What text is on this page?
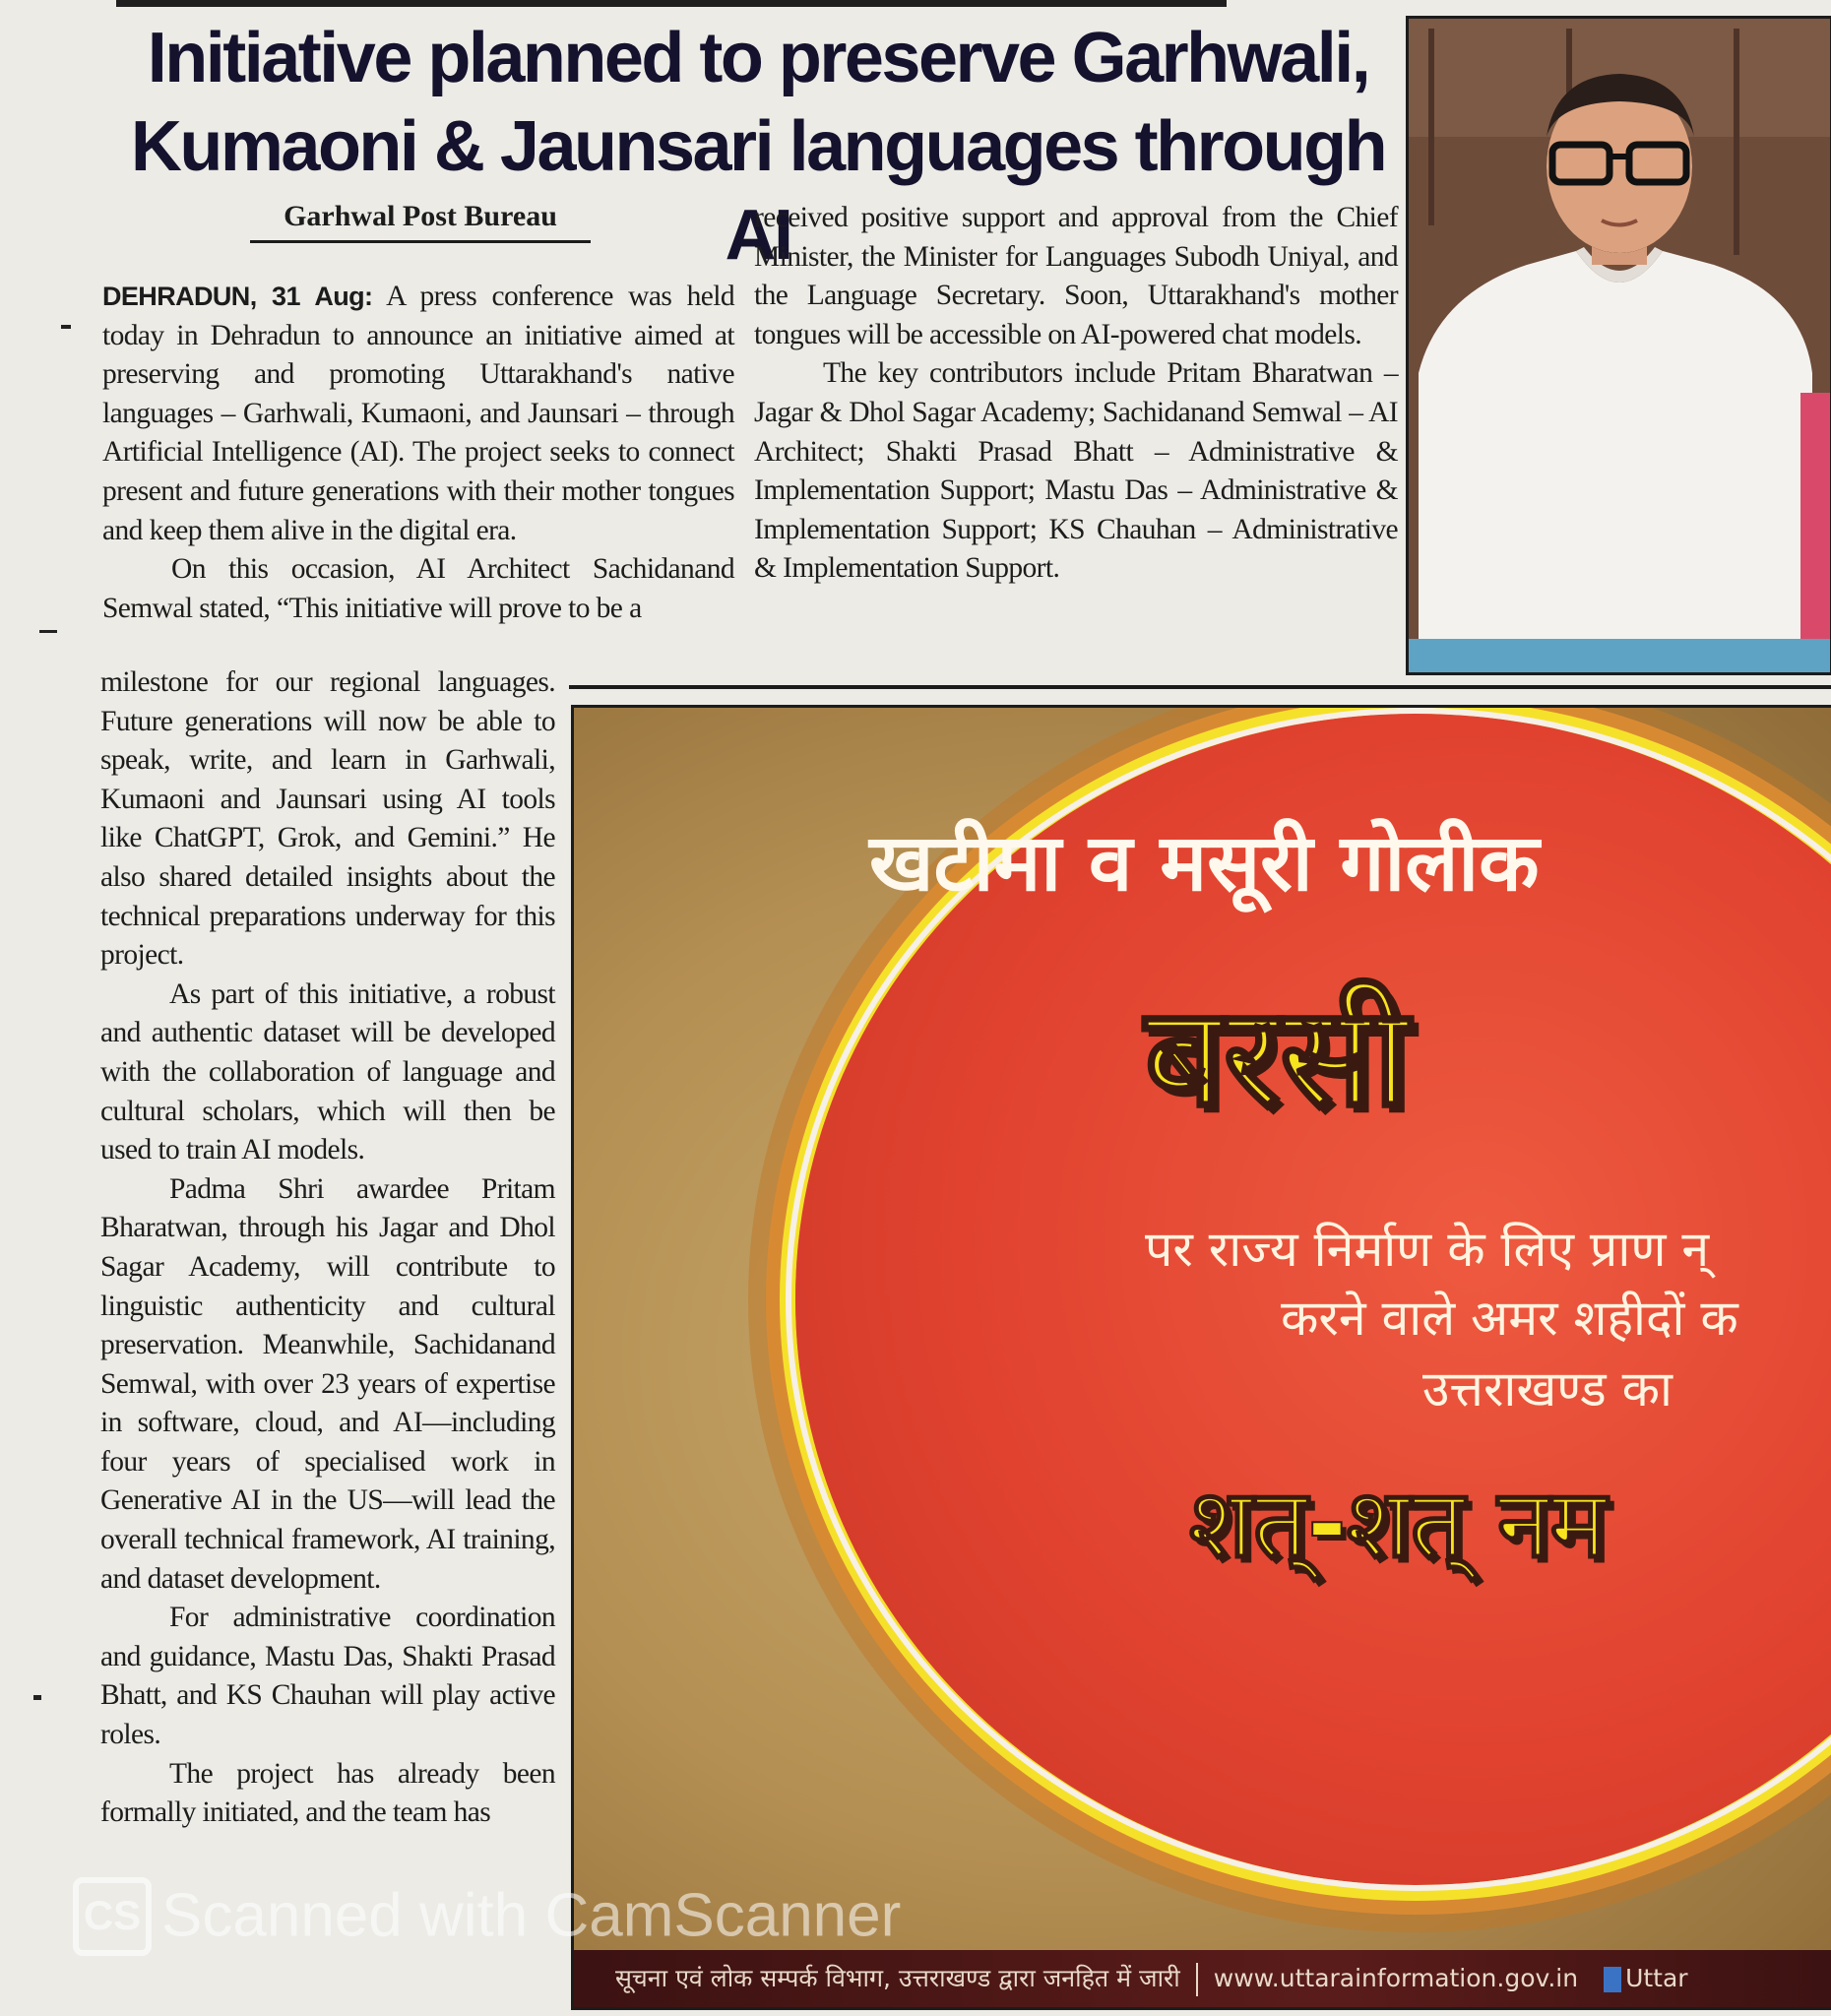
Initiative planned to preserve Garhwali,
Kumaoni & Jaunsari languages through AI
Garhwal Post Bureau

DEHRADUN, 31 Aug: A press conference was held today in Dehradun to announce an initiative aimed at preserving and promoting Uttarakhand's native languages – Garhwali, Kumaoni, and Jaunsari – through Artificial Intelligence (AI). The project seeks to connect present and future generations with their mother tongues and keep them alive in the digital era.

On this occasion, AI Architect Sachidanand Semwal stated, “This initiative will prove to be a

milestone for our regional languages. Future generations will now be able to speak, write, and learn in Garhwali, Kumaoni and Jaunsari using AI tools like ChatGPT, Grok, and Gemini.” He also shared detailed insights about the technical preparations underway for this project.

As part of this initiative, a robust and authentic dataset will be developed with the collaboration of language and cultural scholars, which will then be used to train AI models.

Padma Shri awardee Pritam Bharatwan, through his Jagar and Dhol Sagar Academy, will contribute to linguistic authenticity and cultural preservation. Meanwhile, Sachidanand Semwal, with over 23 years of expertise in software, cloud, and AI—including four years of specialised work in Generative AI in the US—will lead the overall technical framework, AI training, and dataset development.

For administrative coordination and guidance, Mastu Das, Shakti Prasad Bhatt, and KS Chauhan will play active roles.

The project has already been formally initiated, and the team has

received positive support and approval from the Chief Minister, the Minister for Languages Subodh Uniyal, and the Language Secretary. Soon, Uttarakhand's mother tongues will be accessible on AI-powered chat models.

The key contributors include Pritam Bharatwan – Jagar & Dhol Sagar Academy; Sachidanand Semwal – AI Architect; Shakti Prasad Bhatt – Administrative & Implementation Support; Mastu Das – Administrative & Implementation Support; KS Chauhan – Administrative & Implementation Support.

खटीमा व मसूरी गोलीक

बरसी

पर राज्य निर्माण के लिए प्राण न्

करने वाले अमर शहीदों क

उत्तराखण्ड का

शत्-शत् नम

सूचना एवं लोक सम्पर्क विभाग, उत्तराखण्ड द्वारा जनहित में जारी www.uttarainformation.gov.in Uttar
CS Scanned with CamScanner
